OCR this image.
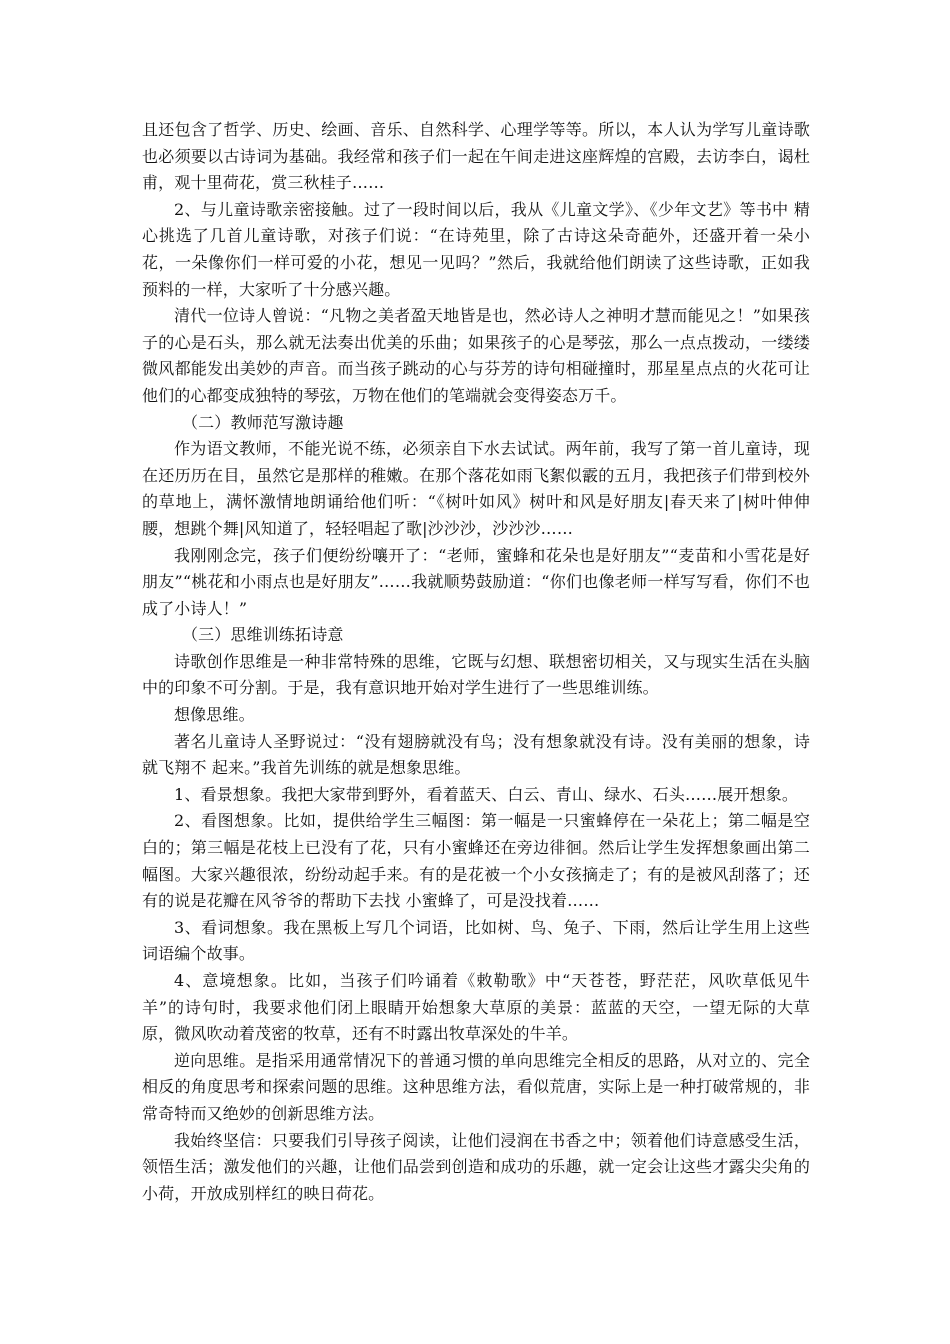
且还包含了哲学、历史、绘画、音乐、自然科学、心理学等等。所以，本人认为学写儿童诗歌也必须要以古诗词为基础。我经常和孩子们一起在午间走进这座辉煌的宫殿，去访李白，谒杜甫，观十里荷花，赏三秋桂子……

2、与儿童诗歌亲密接触。过了一段时间以后，我从《儿童文学》、《少年文艺》等书中 精心挑选了几首儿童诗歌，对孩子们说：“在诗苑里，除了古诗这朵奇葩外，还盛开着一朵小花，一朵像你们一样可爱的小花，想见一见吗？”然后，我就给他们朗读了这些诗歌，正如我预料的一样，大家听了十分感兴趣。

清代一位诗人曾说：“凡物之美者盈天地皆是也，然必诗人之神明才慧而能见之！”如果孩子的心是石头，那么就无法奏出优美的乐曲；如果孩子的心是琴弦，那么一点点拨动，一缕缕微风都能发出美妙的声音。而当孩子跳动的心与芬芳的诗句相碰撞时，那星星点点的火花可让他们的心都变成独特的琴弦，万物在他们的笔端就会变得姿态万千。

（二）教师范写激诗趣

作为语文教师，不能光说不练，必须亲自下水去试试。两年前，我写了第一首儿童诗，现在还历历在目，虽然它是那样的稚嫩。在那个落花如雨飞絮似霰的五月，我把孩子们带到校外的草地上，满怀激情地朗诵给他们听：“《树叶如风》树叶和风是好朋友|春天来了|树叶伸伸腰，想跳个舞|风知道了，轻轻唱起了歌|沙沙沙，沙沙沙……

我刚刚念完，孩子们便纷纷嚷开了：“老师，蜜蜂和花朵也是好朋友”“麦苗和小雪花是好朋友”“桃花和小雨点也是好朋友”……我就顺势鼓励道：“你们也像老师一样写写看，你们不也成了小诗人！”

（三）思维训练拓诗意

诗歌创作思维是一种非常特殊的思维，它既与幻想、联想密切相关，又与现实生活在头脑中的印象不可分割。于是，我有意识地开始对学生进行了一些思维训练。

想像思维。

著名儿童诗人圣野说过：“没有翅膀就没有鸟；没有想象就没有诗。没有美丽的想象，诗就飞翔不 起来。”我首先训练的就是想象思维。

1、看景想象。我把大家带到野外，看着蓝天、白云、青山、绿水、石头……展开想象。

2、看图想象。比如，提供给学生三幅图：第一幅是一只蜜蜂停在一朵花上；第二幅是空白的；第三幅是花枝上已没有了花，只有小蜜蜂还在旁边徘徊。然后让学生发挥想象画出第二幅图。大家兴趣很浓，纷纷动起手来。有的是花被一个小女孩摘走了；有的是被风刮落了；还有的说是花瓣在风爷爷的帮助下去找 小蜜蜂了，可是没找着……

3、看词想象。我在黑板上写几个词语，比如树、鸟、兔子、下雨，然后让学生用上这些词语编个故事。

4、意境想象。比如，当孩子们吟诵着《敕勒歌》中“天苍苍，野茫茫，风吹草低见牛羊”的诗句时，我要求他们闭上眼睛开始想象大草原的美景：蓝蓝的天空，一望无际的大草原，微风吹动着茂密的牧草，还有不时露出牧草深处的牛羊。

逆向思维。是指采用通常情况下的普通习惯的单向思维完全相反的思路，从对立的、完全相反的角度思考和探索问题的思维。这种思维方法，看似荒唐，实际上是一种打破常规的，非常奇特而又绝妙的创新思维方法。

我始终坚信：只要我们引导孩子阅读，让他们浸润在书香之中；领着他们诗意感受生活，领悟生活；激发他们的兴趣，让他们品尝到创造和成功的乐趣，就一定会让这些才露尖尖角的小荷，开放成别样红的映日荷花。
